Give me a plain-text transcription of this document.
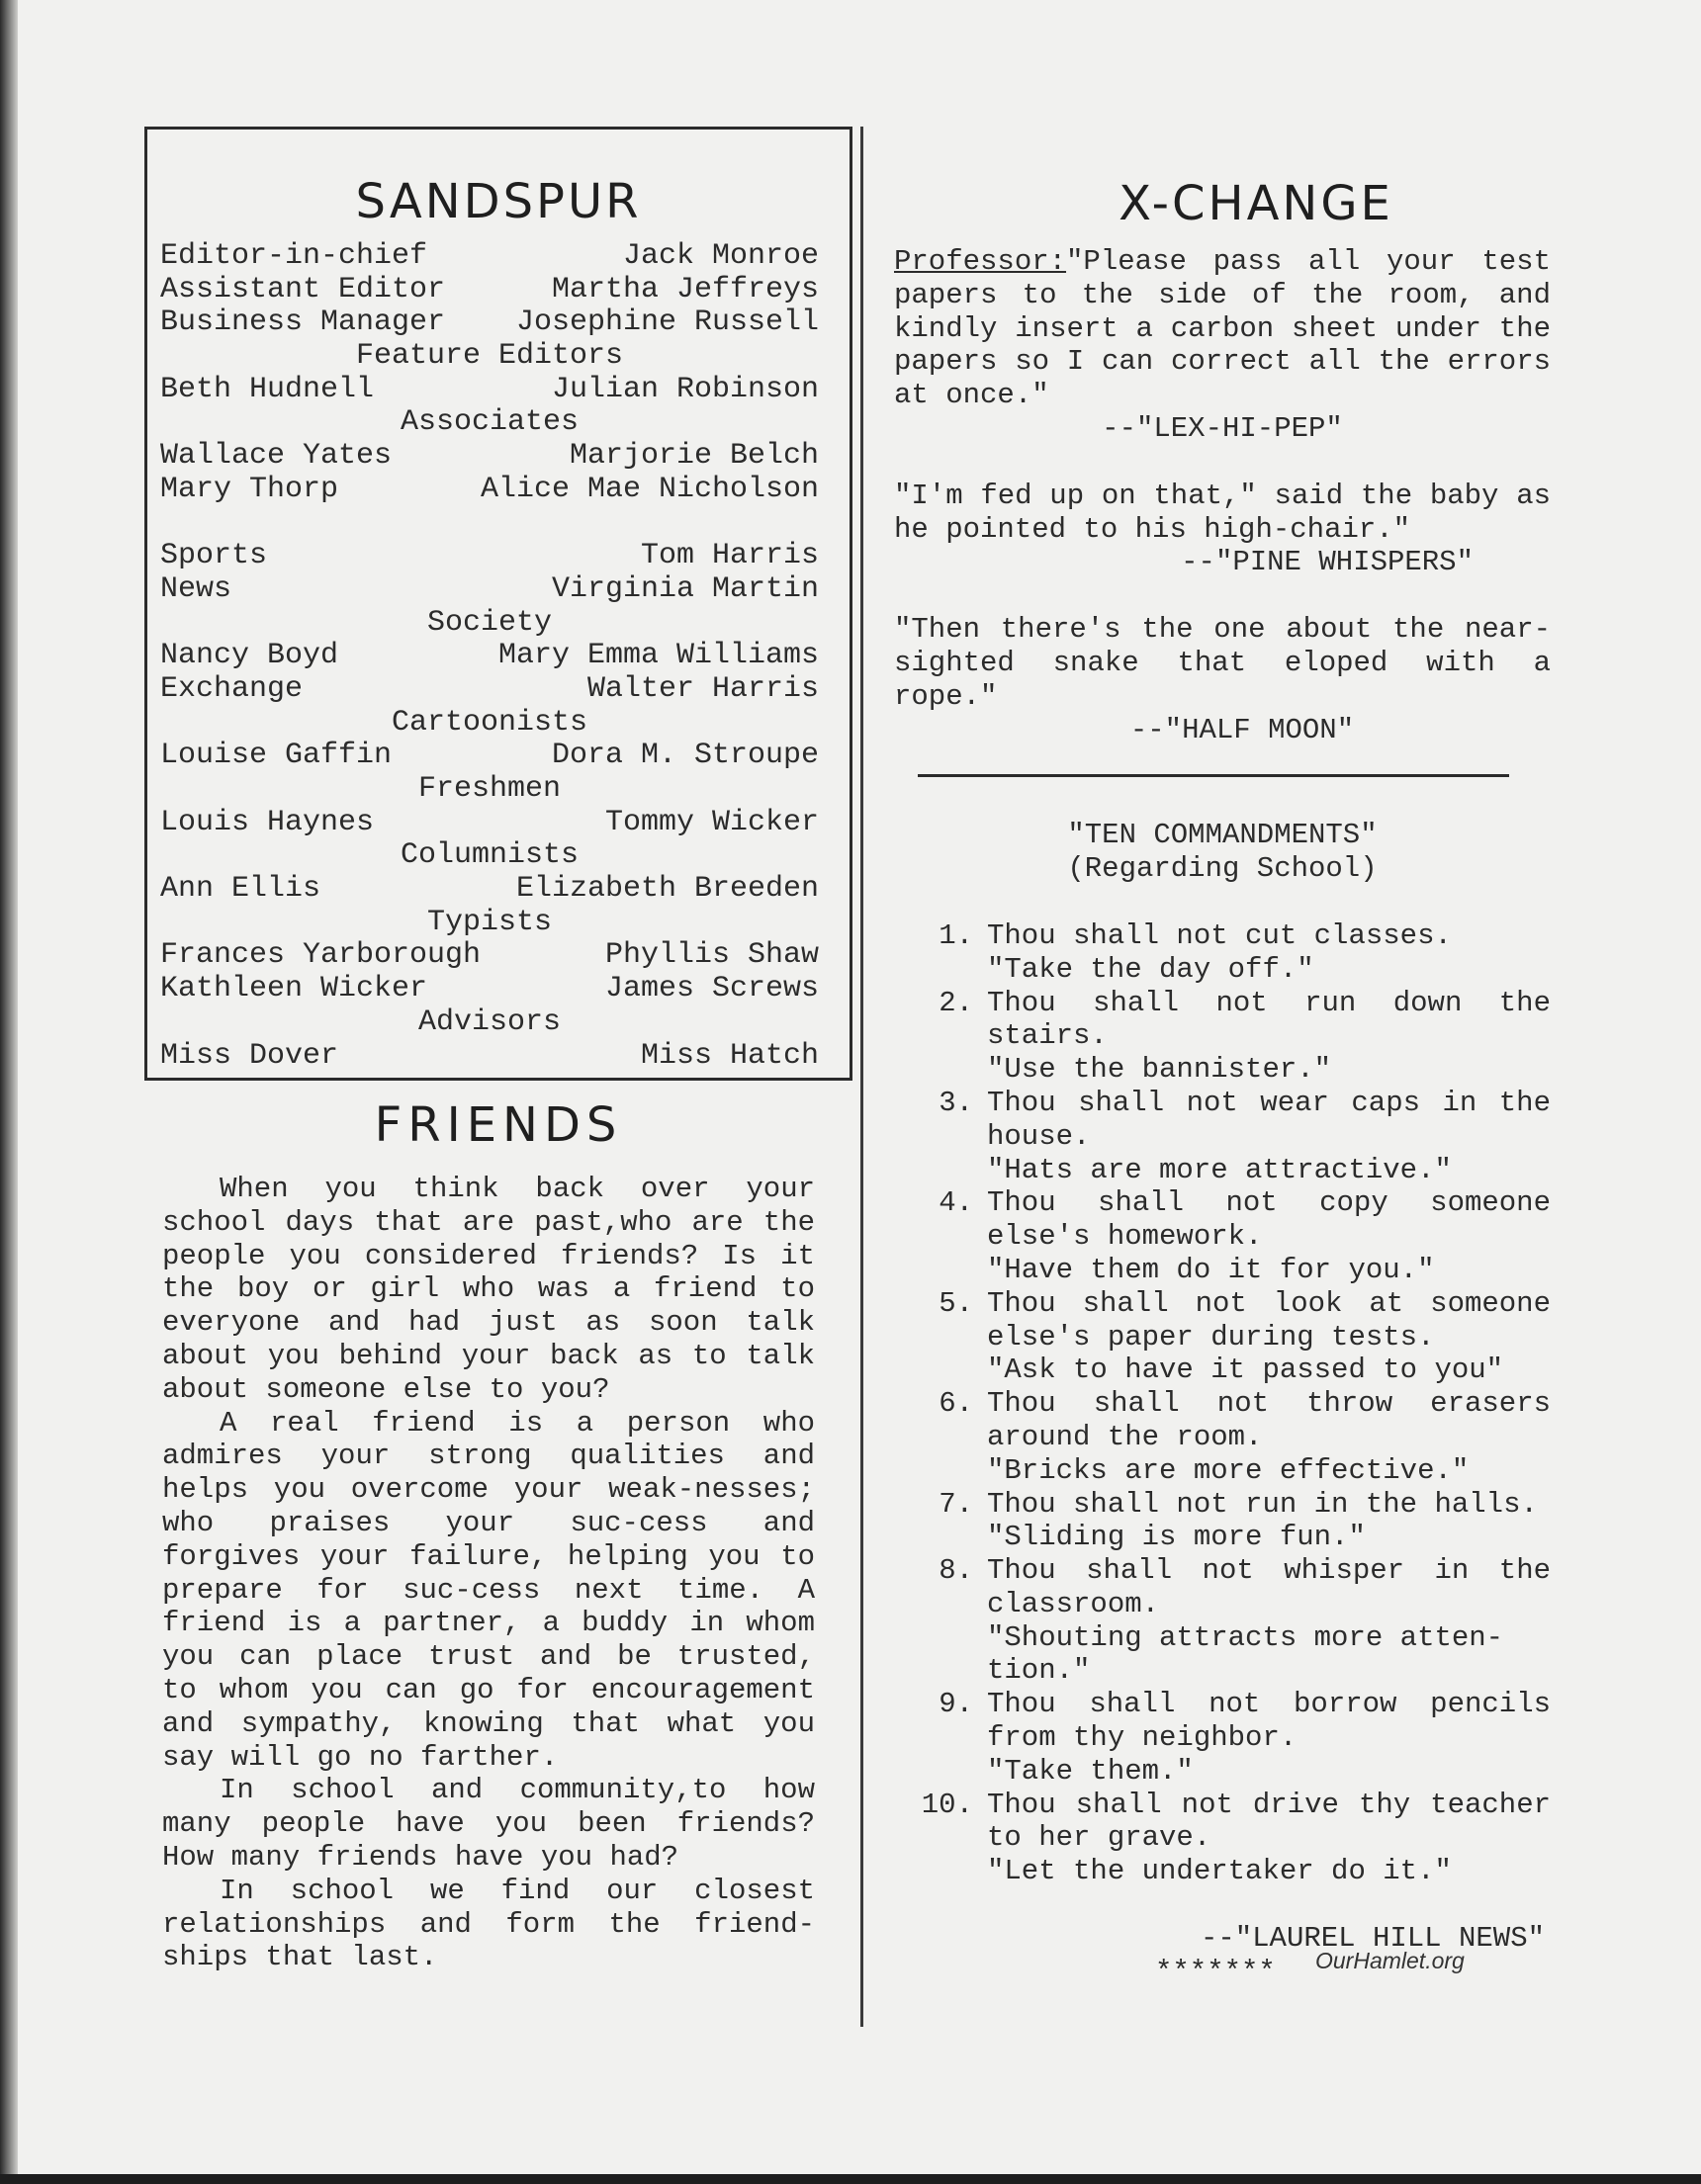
SANDSPUR
Editor-in-chief	Jack Monroe
Assistant Editor	Martha Jeffreys
Business Manager Josephine Russell
Feature Editors
Beth Hudnell	Julian Robinson
Associates
Wallace Yates	Marjorie Belch
Mary Thorp	Alice Mae Nicholson
Sports	Tom Harris
News	Virginia Martin
Society
Nancy Boyd	Mary Emma Williams
Exchange	Walter Harris
Cartoonists
Louise Gaffin	Dora M. Stroupe
Freshmen
Louis Haynes	Tommy Wicker
Columnists
Ann Ellis	Elizabeth Breeden
Typists
Frances Yarborough	Phyllis Shaw
Kathleen Wicker	James Screws
Advisors
Miss Dover	Miss Hatch
FRIENDS

When you think back over your school days that are past,who are the people you considered friends? Is it the boy or girl who was a friend to everyone and had just as soon talk about you behind your back as to talk about someone else to you?

A real friend is a person who admires your strong qualities and helps you overcome your weak-nesses; who praises your suc-cess and forgives your failure, helping you to prepare for suc-cess next time. A friend is a partner, a buddy in whom you can place trust and be trusted, to whom you can go for encouragement and sympathy, knowing that what you say will go no farther.

In school and community,to how many people have you been friends? How many friends have you had?

In school we find our closest relationships and form the friend-ships that last.

X-CHANGE

Professor:"Please pass all your test papers to the side of the room, and kindly insert a carbon sheet under the papers so I can correct all the errors at once."

--"LEX-HI-PEP"

"I'm fed up on that," said the baby as he pointed to his high-chair."

--"PINE WHISPERS"

"Then there's the one about the near-sighted snake that eloped with a rope."

--"HALF MOON"

"TEN COMMANDMENTS"
(Regarding School)
1. Thou shall not cut classes.
"Take the day off."
2. Thou shall not run down the stairs.
"Use the bannister."
3. Thou shall not wear caps in the house.
"Hats are more attractive."
4. Thou shall not copy someone else's homework.
"Have them do it for you."
5. Thou shall not look at someone else's paper during tests.
"Ask to have it passed to you"
6. Thou shall not throw erasers around the room.
"Bricks are more effective."
7. Thou shall not run in the halls.
"Sliding is more fun."
8. Thou shall not whisper in the classroom.
"Shouting attracts more atten-tion."
9. Thou shall not borrow pencils from thy neighbor.
"Take them."
10. Thou shall not drive thy teacher to her grave.
"Let the undertaker do it."
--"LAUREL HILL NEWS"
*******	OurHamlet.org
